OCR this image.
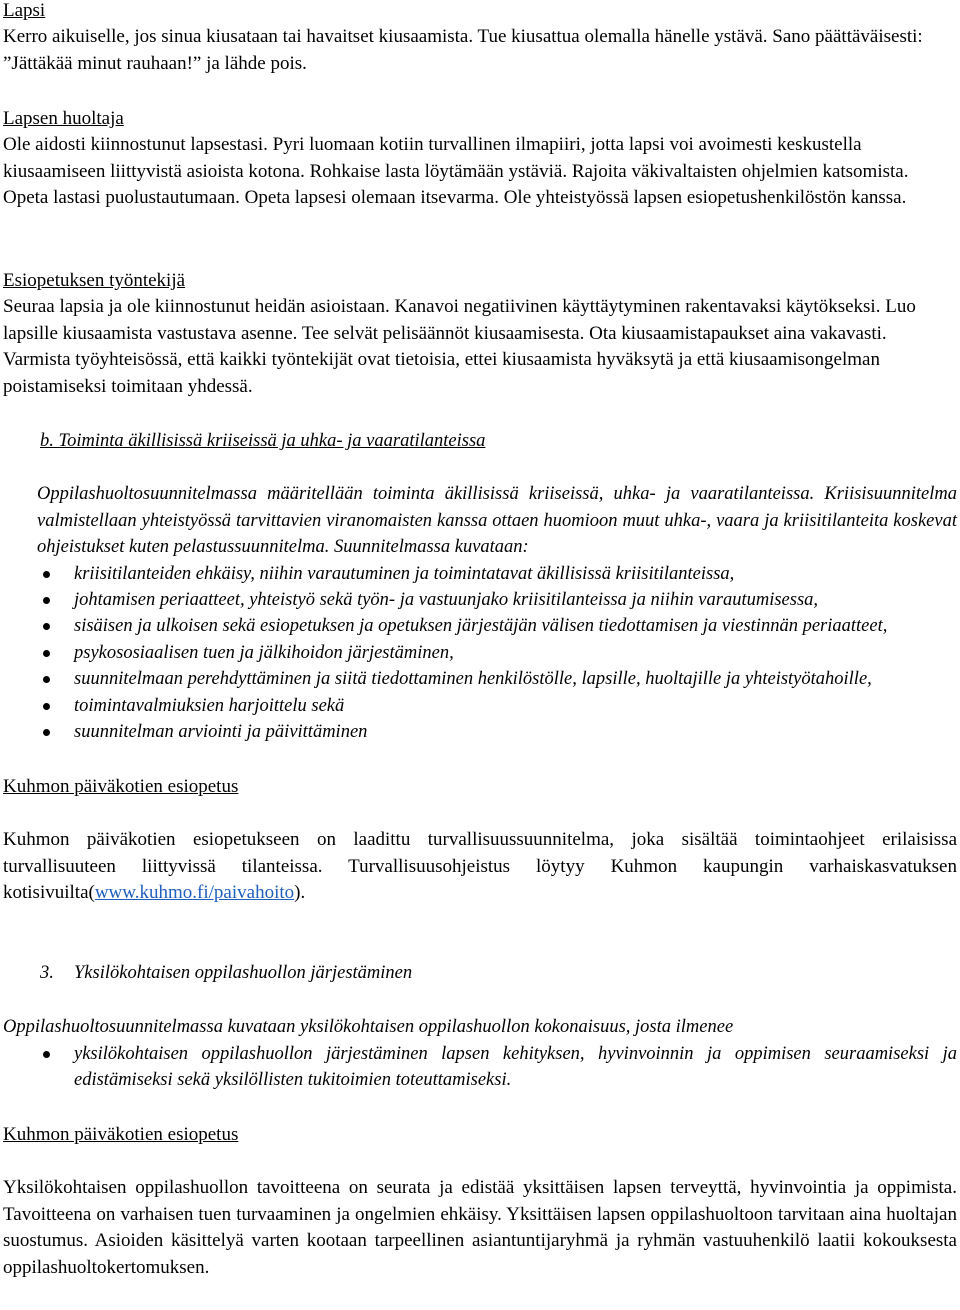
Lapsi

Kerro aikuiselle, jos sinua kiusataan tai havaitset kiusaamista. Tue kiusattua olemalla hänelle ystävä. Sano päättäväisesti: ”Jättäkää minut rauhaan!” ja lähde pois.

Lapsen huoltaja

Ole aidosti kiinnostunut lapsestasi. Pyri luomaan kotiin turvallinen ilmapiiri, jotta lapsi voi avoimesti keskustella kiusaamiseen liittyvistä asioista kotona. Rohkaise lasta löytämään ystäviä. Rajoita väkivaltaisten ohjelmien katsomista. Opeta lastasi puolustautumaan. Opeta lapsesi olemaan itsevarma. Ole yhteistyössä lapsen esiopetushenkilöstön kanssa.

Esiopetuksen työntekijä

Seuraa lapsia ja ole kiinnostunut heidän asioistaan. Kanavoi negatiivinen käyttäytyminen rakentavaksi käytökseksi. Luo lapsille kiusaamista vastustava asenne. Tee selvät pelisäännöt kiusaamisesta. Ota kiusaamistapaukset aina vakavasti. Varmista työyhteisössä, että kaikki työntekijät ovat tietoisia, ettei kiusaamista hyväksytä ja että kiusaamisongelman poistamiseksi toimitaan yhdessä.

b. Toiminta äkillisissä kriiseissä ja uhka- ja vaaratilanteissa

Oppilashuoltosuunnitelmassa määritellään toiminta äkillisissä kriiseissä, uhka- ja vaaratilanteissa. Kriisisuunnitelma valmistellaan yhteistyössä tarvittavien viranomaisten kanssa ottaen huomioon muut uhka-, vaara ja kriisitilanteita koskevat ohjeistukset kuten pelastussuunnitelma. Suunnitelmassa kuvataan:

kriisitilanteiden ehkäisy, niihin varautuminen ja toimintatavat äkillisissä kriisitilanteissa,
johtamisen periaatteet, yhteistyö sekä työn- ja vastuunjako kriisitilanteissa ja niihin varautumisessa,
sisäisen ja ulkoisen sekä esiopetuksen ja opetuksen järjestäjän välisen tiedottamisen ja viestinnän periaatteet,
psykososiaalisen tuen ja jälkihoidon järjestäminen,
suunnitelmaan perehdyttäminen ja siitä tiedottaminen henkilöstölle, lapsille, huoltajille ja yhteistyötahoille,
toimintavalmiuksien harjoittelu sekä
suunnitelman arviointi ja päivittäminen
Kuhmon päiväkotien esiopetus

Kuhmon päiväkotien esiopetukseen on laadittu turvallisuussuunnitelma, joka sisältää toimintaohjeet erilaisissa turvallisuuteen liittyvissä tilanteissa. Turvallisuusohjeistus löytyy Kuhmon kaupungin varhaiskasvatuksen kotisivuilta(www.kuhmo.fi/paivahoito).

3. Yksilökohtaisen oppilashuollon järjestäminen

Oppilashuoltosuunnitelmassa kuvataan yksilökohtaisen oppilashuollon kokonaisuus, josta ilmenee

yksilökohtaisen oppilashuollon järjestäminen lapsen kehityksen, hyvinvoinnin ja oppimisen seuraamiseksi ja edistämiseksi sekä yksilöllisten tukitoimien toteuttamiseksi.
Kuhmon päiväkotien esiopetus

Yksilökohtaisen oppilashuollon tavoitteena on seurata ja edistää yksittäisen lapsen terveyttä, hyvinvointia ja oppimista. Tavoitteena on varhaisen tuen turvaaminen ja ongelmien ehkäisy. Yksittäisen lapsen oppilashuoltoon tarvitaan aina huoltajan suostumus. Asioiden käsittelyä varten kootaan tarpeellinen asiantuntijaryhmä ja ryhmän vastuuhenkilö laatii kokouksesta oppilashuoltokertomuksen.
